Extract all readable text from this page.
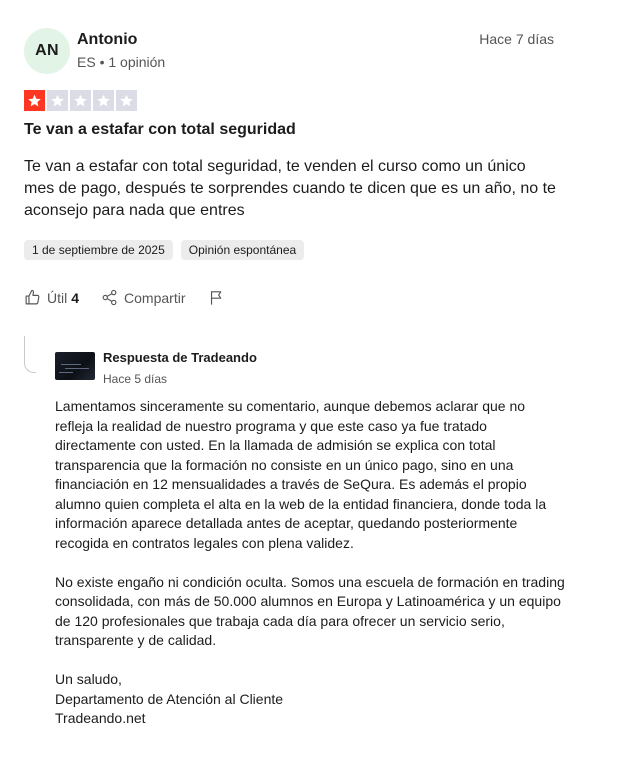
AN
Antonio
ES • 1 opinión
Hace 7 días
Te van a estafar con total seguridad
Te van a estafar con total seguridad, te venden el curso como un único mes de pago, después te sorprendes cuando te dicen que es un año, no te aconsejo para nada que entres
1 de septiembre de 2025	Opinión espontánea
Útil 4	Compartir
Respuesta de Tradeando
Hace 5 días

Lamentamos sinceramente su comentario, aunque debemos aclarar que no refleja la realidad de nuestro programa y que este caso ya fue tratado directamente con usted. En la llamada de admisión se explica con total transparencia que la formación no consiste en un único pago, sino en una financiación en 12 mensualidades a través de SeQura. Es además el propio alumno quien completa el alta en la web de la entidad financiera, donde toda la información aparece detallada antes de aceptar, quedando posteriormente recogida en contratos legales con plena validez.

No existe engaño ni condición oculta. Somos una escuela de formación en trading consolidada, con más de 50.000 alumnos en Europa y Latinoamérica y un equipo de 120 profesionales que trabaja cada día para ofrecer un servicio serio, transparente y de calidad.

Un saludo,
Departamento de Atención al Cliente
Tradeando.net
